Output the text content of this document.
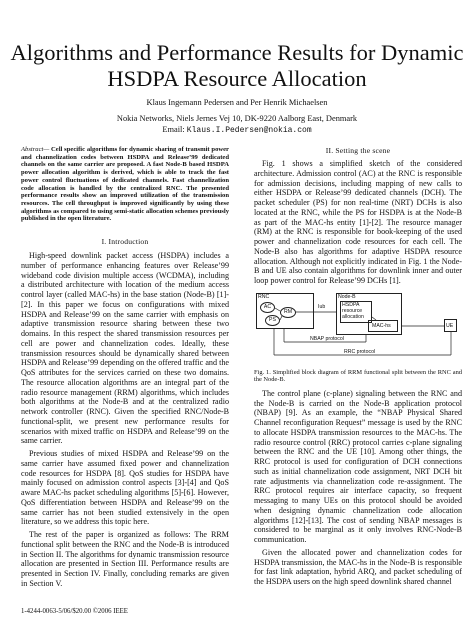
Algorithms and Performance Results for Dynamic
HSDPA Resource Allocation
Klaus Ingemann Pedersen and Per Henrik Michaelsen
Nokia Networks, Niels Jernes Vej 10, DK-9220 Aalborg East, Denmark
Email: Klaus.I.Pedersen@nokia.com

Abstract— Cell specific algorithms for dynamic sharing of transmit power and channelization codes between HSDPA and Release’99 dedicated channels on the same carrier are proposed. A fast Node-B based HSDPA power allocation algorithm is derived, which is able to track the fast power control fluctuations of dedicated channels. Fast channelization code allocation is handled by the centralized RNC. The presented performance results show an improved utilization of the transmission resources. The cell throughput is improved significantly by using these algorithms as compared to using semi-static allocation schemes previously published in the open literature.

I. Introduction

High-speed downlink packet access (HSDPA) includes a number of performance enhancing features over Release’99 wideband code division multiple access (WCDMA), including a distributed architecture with location of the medium access control layer (called MAC-hs) in the base station (Node-B) [1]-[2]. In this paper we focus on configurations with mixed HSDPA and Release’99 on the same carrier with emphasis on adaptive transmission resource sharing between these two domains. In this respect the shared transmission resources per cell are power and channelization codes. Ideally, these transmission resources should be dynamically shared between HSDPA and Release’99 depending on the offered traffic and the QoS attributes for the services carried on these two domains. The resource allocation algorithms are an integral part of the radio resource management (RRM) algorithms, which includes both algorithms at the Node-B and at the centralized radio network controller (RNC). Given the specified RNC/Node-B functional-split, we present new performance results for scenarios with mixed traffic on HSDPA and Release’99 on the same carrier.

Previous studies of mixed HSDPA and Release’99 on the same carrier have assumed fixed power and channelization code resources for HSDPA [8]. QoS studies for HSDPA have mainly focused on admission control aspects [3]-[4] and QoS aware MAC-hs packet scheduling algorithms [5]-[6]. However, QoS differentiation between HSDPA and Release’99 on the same carrier has not been studied extensively in the open literature, so we address this topic here.

The rest of the paper is organized as follows: The RRM functional split between the RNC and the Node-B is introduced in Section II. The algorithms for dynamic transmission resource allocation are presented in Section III. Performance results are presented in Section IV. Finally, concluding remarks are given in Section V.

II. Setting the scene

Fig. 1 shows a simplified sketch of the considered architecture. Admission control (AC) at the RNC is responsible for admission decisions, including mapping of new calls to either HSDPA or Release’99 dedicated channels (DCH). The packet scheduler (PS) for non real-time (NRT) DCHs is also located at the RNC, while the PS for HSDPA is at the Node-B as part of the MAC-hs entity [1]-[2]. The resource manager (RM) at the RNC is responsible for book-keeping of the used power and channelization code resources for each cell. The Node-B also has algorithms for adaptive HSDPA resource allocation. Although not explicitly indicated in Fig. 1 the Node-B and UE also contain algorithms for downlink inner and outer loop power control for Release’99 DCHs [1].

RNC
AC
PS
RM
Iub
Node-B
HSDPA resource allocation
MAC-hs	UE
NBAP protocol
RRC protocol

Fig. 1. Simplified block diagram of RRM functional split between the RNC and the Node-B.

The control plane (c-plane) signaling between the RNC and the Node-B is carried on the Node-B application protocol (NBAP) [9]. As an example, the “NBAP Physical Shared Channel reconfiguration Request” message is used by the RNC to allocate HSDPA transmission resources to the MAC-hs. The radio resource control (RRC) protocol carries c-plane signaling between the RNC and the UE [10]. Among other things, the RRC protocol is used for configuration of DCH connections such as initial channelization code assignment, NRT DCH bit rate adjustments via channelization code re-assignment. The RRC protocol requires air interface capacity, so frequent messaging to many UEs on this protocol should be avoided when designing dynamic channelization code allocation algorithms [12]-[13]. The cost of sending NBAP messages is considered to be marginal as it only involves RNC-Node-B communication.

Given the allocated power and channelization codes for HSDPA transmission, the MAC-hs in the Node-B is responsible for fast link adaptation, hybrid ARQ, and packet scheduling of the HSDPA users on the high speed downlink shared channel

1-4244-0063-5/06/$20.00 ©2006 IEEE
